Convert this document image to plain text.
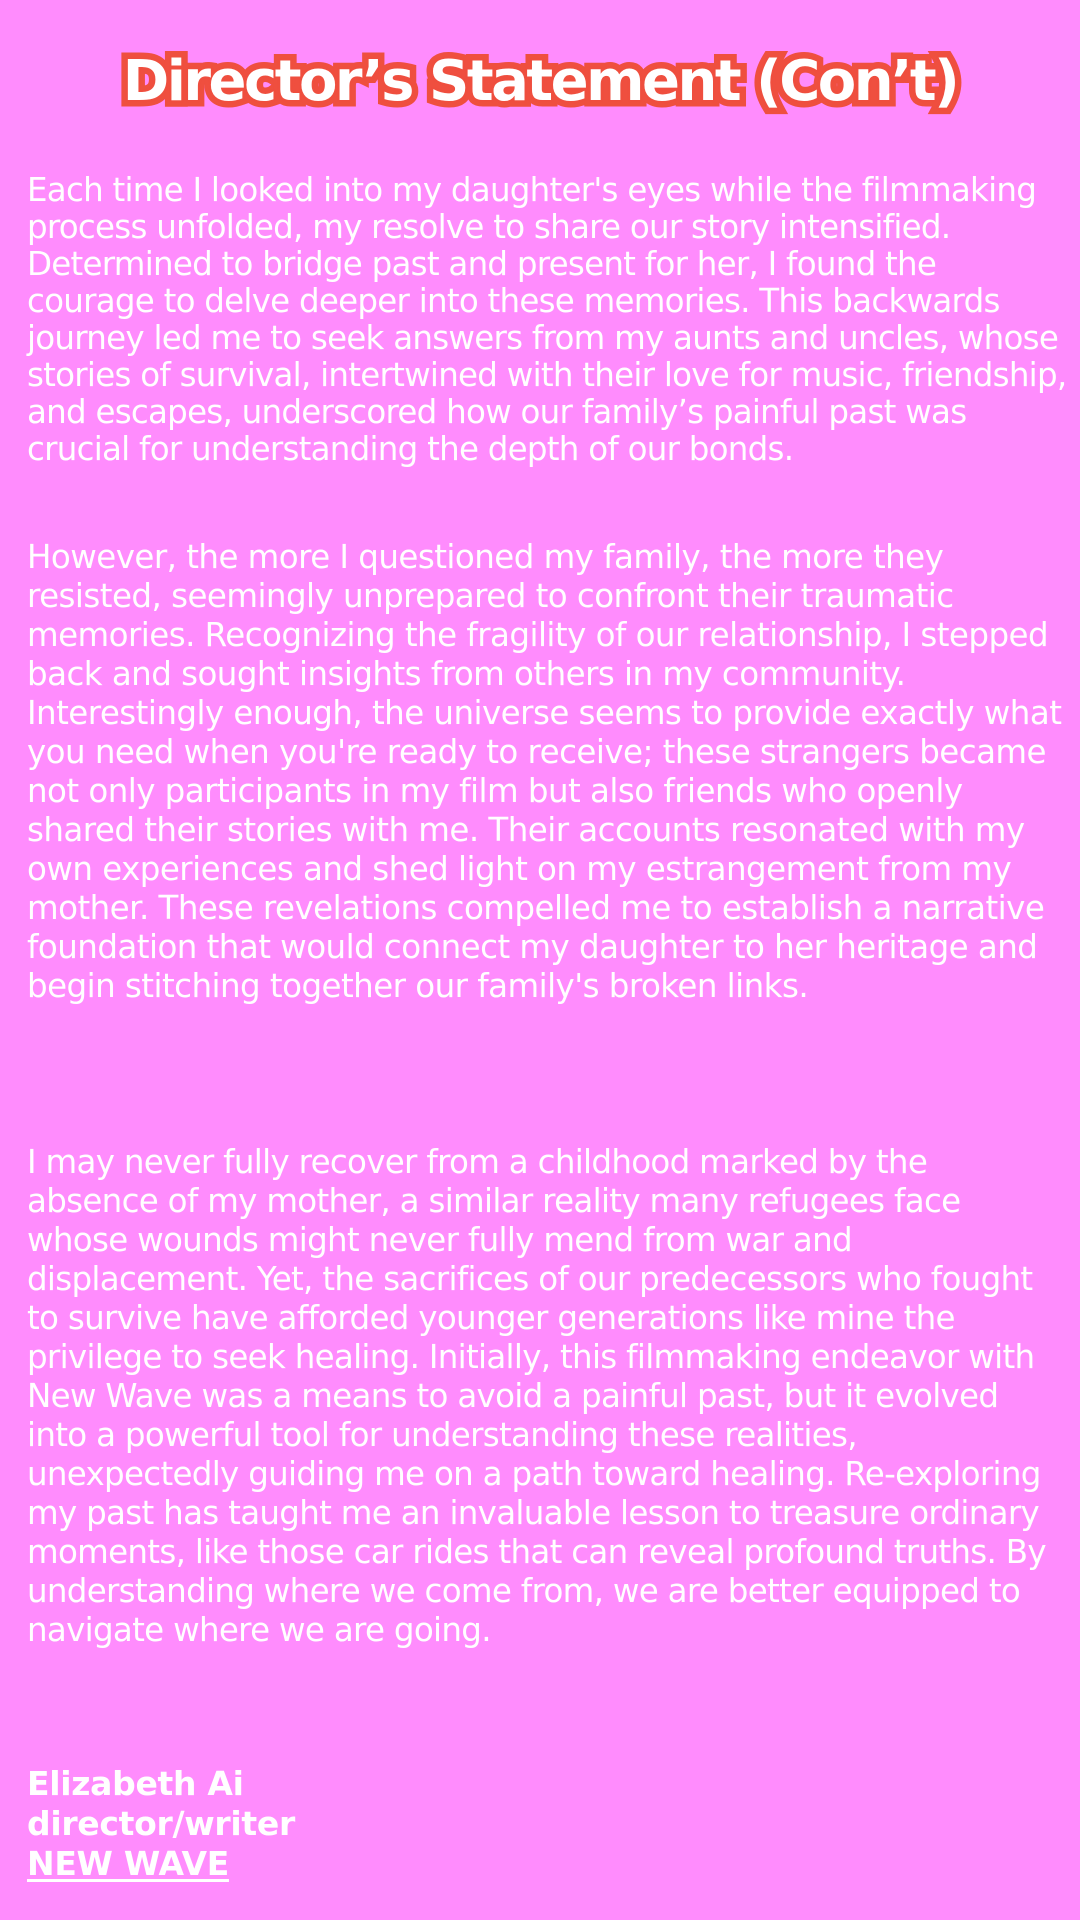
Director’s Statement (Con’t)

Each time I looked into my daughter's eyes while the filmmaking process unfolded, my resolve to share our story intensified. Determined to bridge past and present for her, I found the courage to delve deeper into these memories. This backwards journey led me to seek answers from my aunts and uncles, whose stories of survival, intertwined with their love for music, friendship, and escapes, underscored how our family’s painful past was crucial for understanding the depth of our bonds.

However, the more I questioned my family, the more they resisted, seemingly unprepared to confront their traumatic memories. Recognizing the fragility of our relationship, I stepped back and sought insights from others in my community. Interestingly enough, the universe seems to provide exactly what you need when you're ready to receive; these strangers became not only participants in my film but also friends who openly shared their stories with me. Their accounts resonated with my own experiences and shed light on my estrangement from my mother. These revelations compelled me to establish a narrative foundation that would connect my daughter to her heritage and begin stitching together our family's broken links.

I may never fully recover from a childhood marked by the absence of my mother, a similar reality many refugees face whose wounds might never fully mend from war and displacement. Yet, the sacrifices of our predecessors who fought to survive have afforded younger generations like mine the privilege to seek healing. Initially, this filmmaking endeavor with New Wave was a means to avoid a painful past, but it evolved into a powerful tool for understanding these realities, unexpectedly guiding me on a path toward healing. Re-exploring my past has taught me an invaluable lesson to treasure ordinary moments, like those car rides that can reveal profound truths. By understanding where we come from, we are better equipped to navigate where we are going.

Elizabeth Ai
director/writer
NEW WAVE
